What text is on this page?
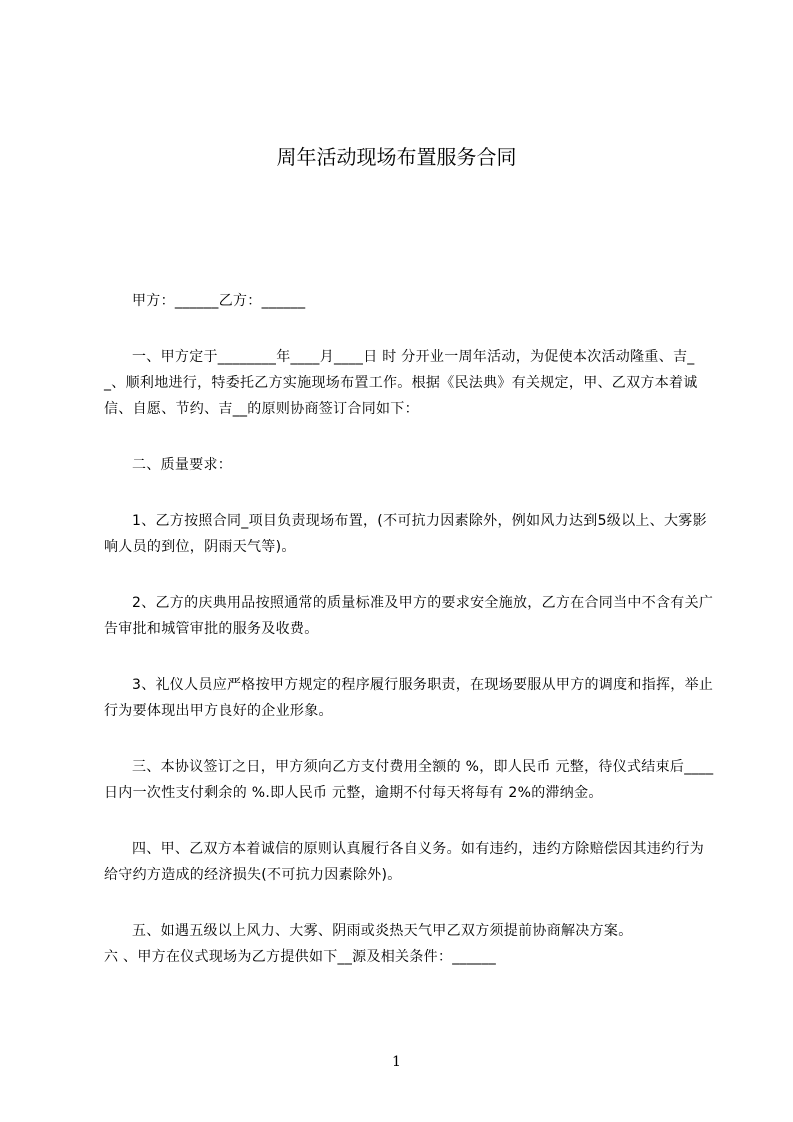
周年活动现场布置服务合同

甲方：______乙方：______

一、甲方定于________年____月____日 时 分开业一周年活动，为促使本次活动隆重、吉__、顺利地进行，特委托乙方实施现场布置工作。根据《民法典》有关规定，甲、乙双方本着诚信、自愿、节约、吉__的原则协商签订合同如下：

二、质量要求：

1、乙方按照合同_项目负责现场布置，(不可抗力因素除外，例如风力达到5级以上、大雾影响人员的到位，阴雨天气等)。

2、乙方的庆典用品按照通常的质量标准及甲方的要求安全施放，乙方在合同当中不含有关广告审批和城管审批的服务及收费。

3、礼仪人员应严格按甲方规定的程序履行服务职责，在现场要服从甲方的调度和指挥，举止行为要体现出甲方良好的企业形象。

三、本协议签订之日，甲方须向乙方支付费用全额的 %，即人民币 元整，待仪式结束后____日内一次性支付剩余的 %.即人民币 元整，逾期不付每天将每有 2%的滞纳金。

四、甲、乙双方本着诚信的原则认真履行各自义务。如有违约，违约方除赔偿因其违约行为给守约方造成的经济损失(不可抗力因素除外)。

五、如遇五级以上风力、大雾、阴雨或炎热天气甲乙双方须提前协商解决方案。

六 、甲方在仪式现场为乙方提供如下__源及相关条件：______

1
